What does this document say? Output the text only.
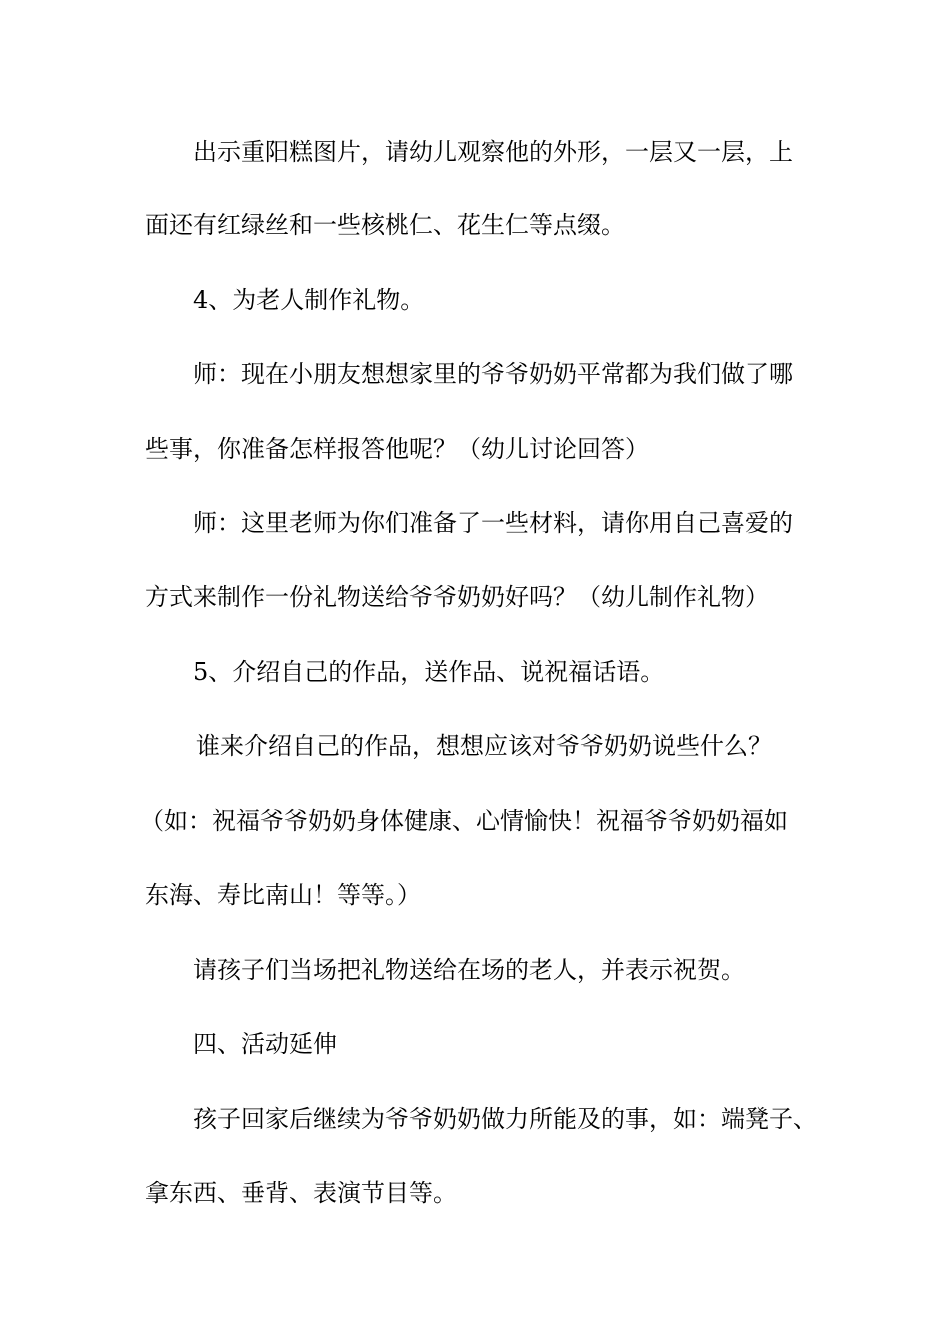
出示重阳糕图片，请幼儿观察他的外形，一层又一层，上
面还有红绿丝和一些核桃仁、花生仁等点缀。
4、为老人制作礼物。
师：现在小朋友想想家里的爷爷奶奶平常都为我们做了哪
些事，你准备怎样报答他呢？（幼儿讨论回答）
师：这里老师为你们准备了一些材料，请你用自己喜爱的
方式来制作一份礼物送给爷爷奶奶好吗？（幼儿制作礼物）
5、介绍自己的作品，送作品、说祝福话语。
谁来介绍自己的作品，想想应该对爷爷奶奶说些什么？
（如：祝福爷爷奶奶身体健康、心情愉快！祝福爷爷奶奶福如
东海、寿比南山！等等。）
请孩子们当场把礼物送给在场的老人，并表示祝贺。
四、活动延伸
孩子回家后继续为爷爷奶奶做力所能及的事，如：端凳子、
拿东西、垂背、表演节目等。
